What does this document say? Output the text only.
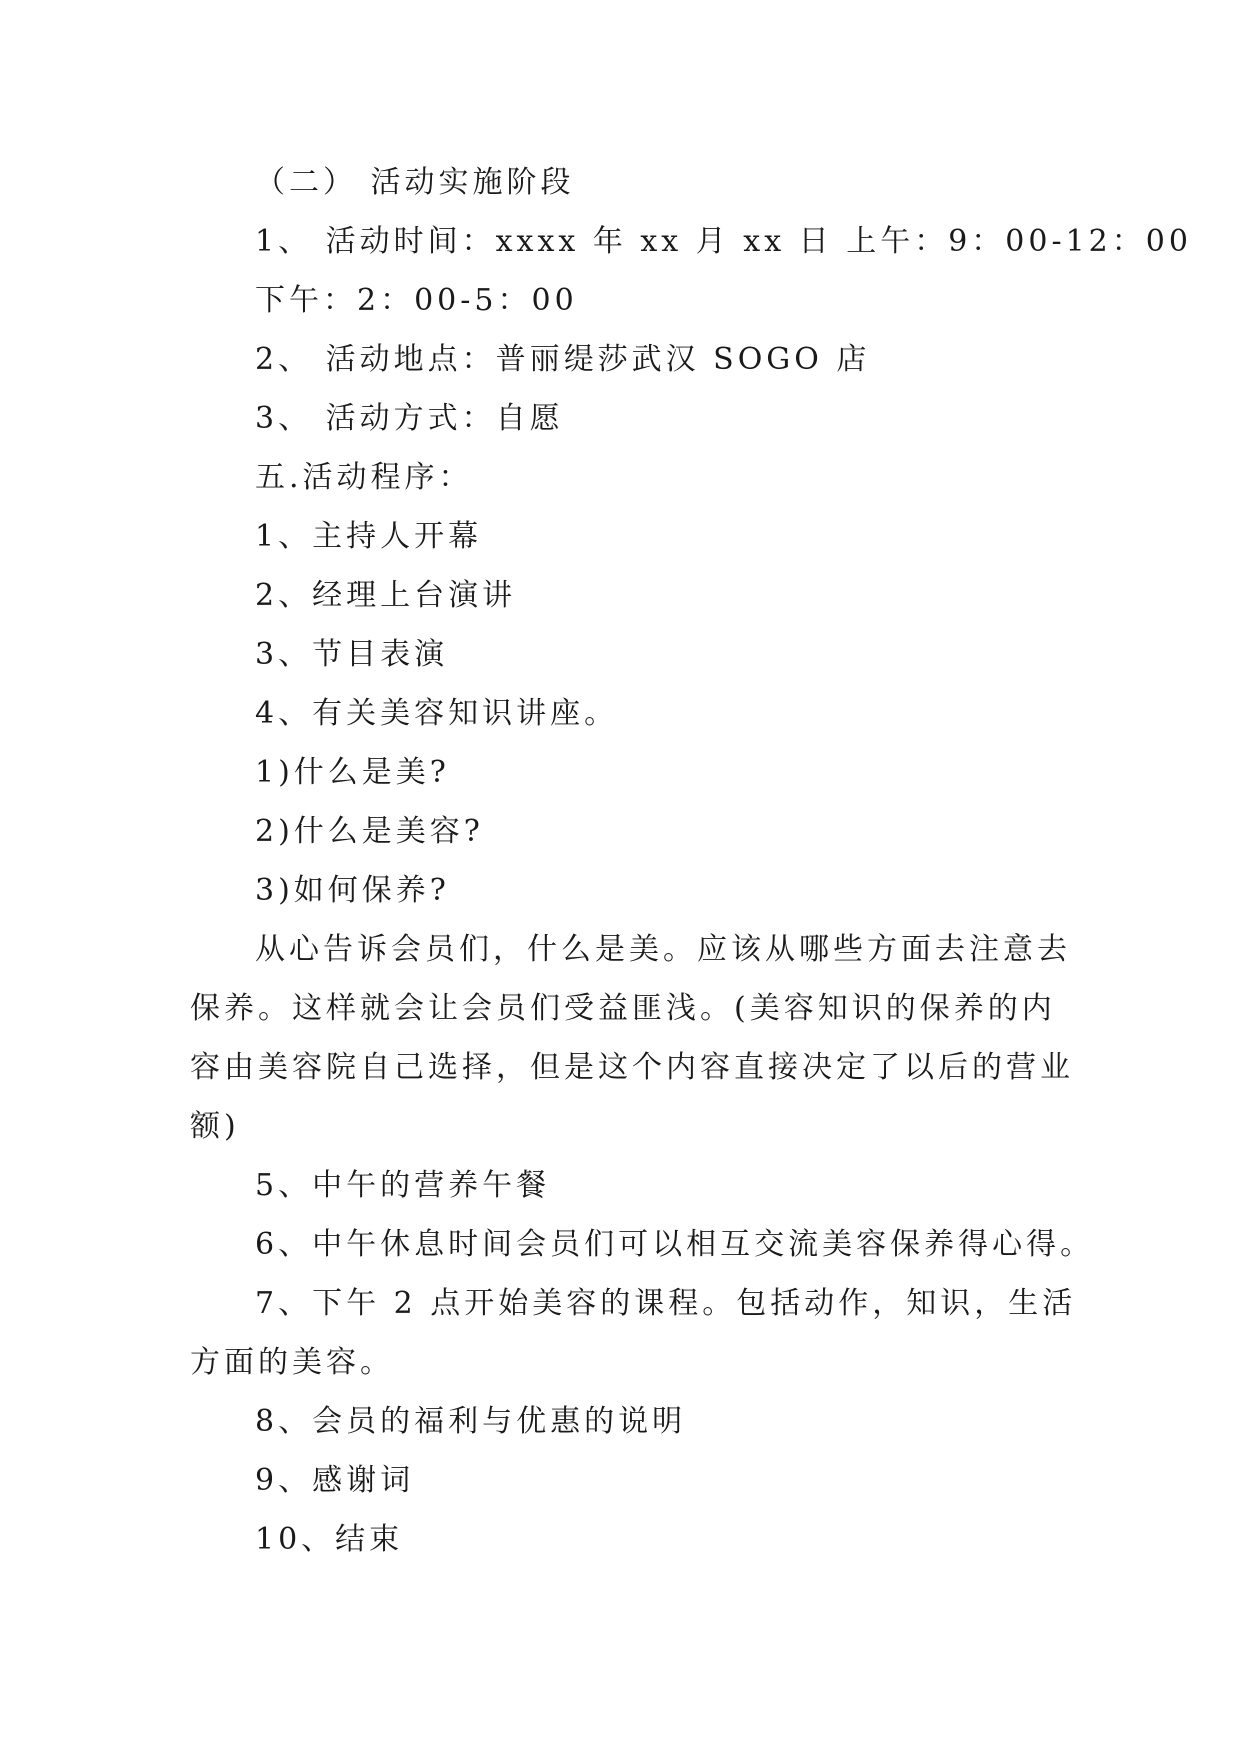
（二） 活动实施阶段
1、 活动时间：xxxx 年 xx 月 xx 日 上午：9：00-12：00
下午：2：00-5：00
2、 活动地点：普丽缇莎武汉 SOGO 店
3、 活动方式：自愿
五.活动程序：
1、主持人开幕
2、经理上台演讲
3、节目表演
4、有关美容知识讲座。
1)什么是美?
2)什么是美容?
3)如何保养?
从心告诉会员们，什么是美。应该从哪些方面去注意去
保养。这样就会让会员们受益匪浅。(美容知识的保养的内
容由美容院自己选择，但是这个内容直接决定了以后的营业
额)
5、中午的营养午餐
6、中午休息时间会员们可以相互交流美容保养得心得。
7、下午 2 点开始美容的课程。包括动作，知识，生活
方面的美容。
8、会员的福利与优惠的说明
9、感谢词
10、结束
